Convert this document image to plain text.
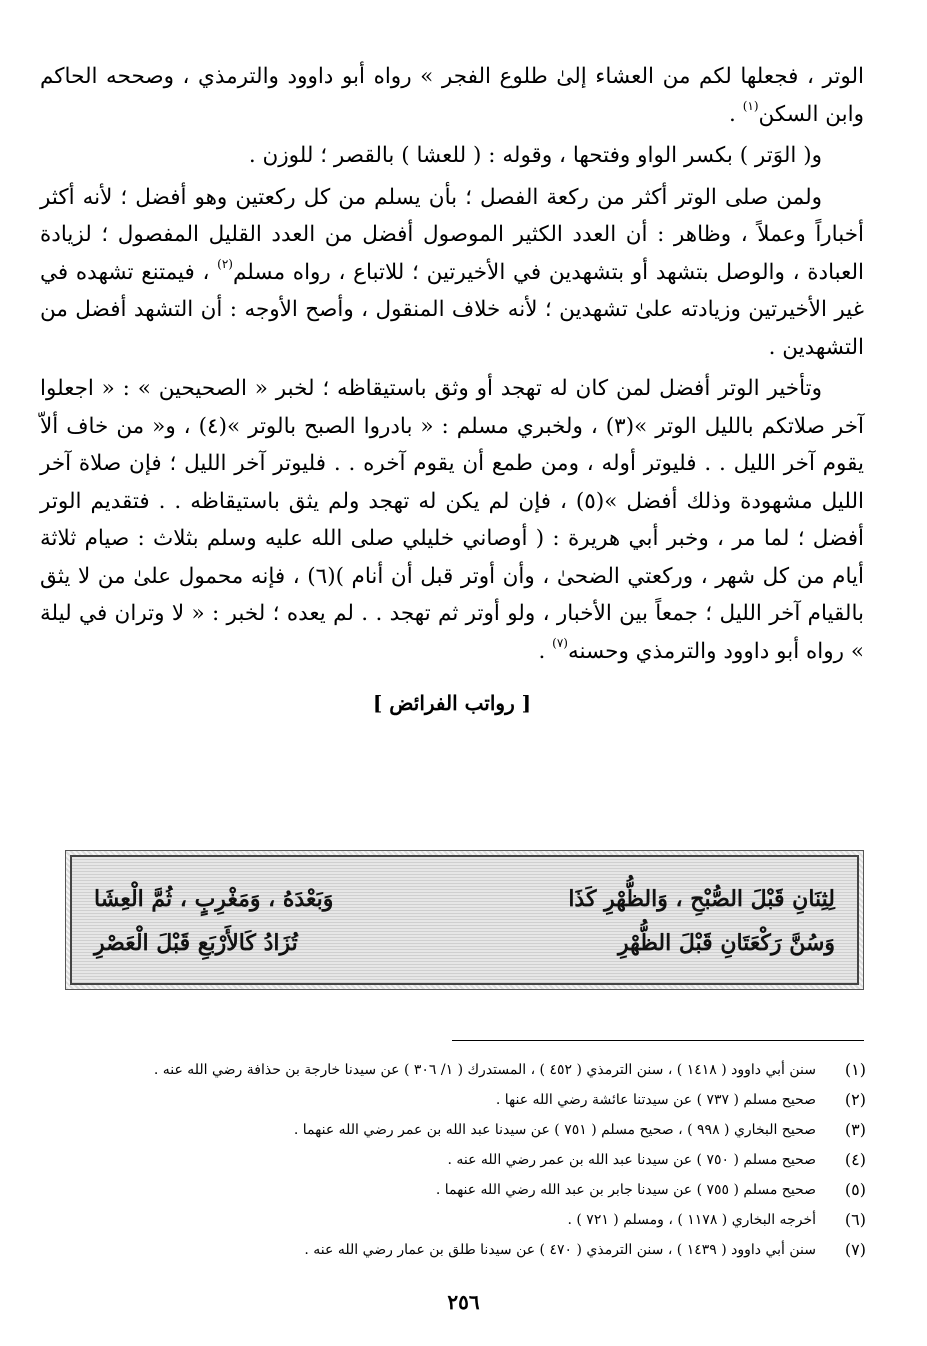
الوتر ، فجعلها لكم من العشاء إلىٰ طلوع الفجر » رواه أبو داوود والترمذي ، وصححه الحاكم وابن السكن$^{(١)}$ .

و( الوَتر ) بكسر الواو وفتحها ، وقوله : ( للعشا ) بالقصر ؛ للوزن .

ولمن صلى الوتر أكثر من ركعة الفصل ؛ بأن يسلم من كل ركعتين وهو أفضل ؛ لأنه أكثر أخباراً وعملاً ، وظاهر : أن العدد الكثير الموصول أفضل من العدد القليل المفصول ؛ لزيادة العبادة ، والوصل بتشهد أو بتشهدين في الأخيرتين ؛ للاتباع ، رواه مسلم$^{(٢)}$ ، فيمتنع تشهده في غير الأخيرتين وزيادته علىٰ تشهدين ؛ لأنه خلاف المنقول ، وأصح الأوجه : أن التشهد أفضل من التشهدين .

وتأخير الوتر أفضل لمن كان له تهجد أو وثق باستيقاظه ؛ لخبر « الصحيحين » : « اجعلوا آخر صلاتكم بالليل الوتر »(٣) ، ولخبري مسلم : « بادروا الصبح بالوتر »(٤) ، و« من خاف ألاّ يقوم آخر الليل . . فليوتر أوله ، ومن طمع أن يقوم آخره . . فليوتر آخر الليل ؛ فإن صلاة آخر الليل مشهودة وذلك أفضل »(٥) ، فإن لم يكن له تهجد ولم يثق باستيقاظه . . فتقديم الوتر أفضل ؛ لما مر ، وخبر أبي هريرة : ( أوصاني خليلي صلى الله عليه وسلم بثلاث : صيام ثلاثة أيام من كل شهر ، وركعتي الضحىٰ ، وأن أوتر قبل أن أنام )(٦) ، فإنه محمول علىٰ من لا يثق بالقيام آخر الليل ؛ جمعاً بين الأخبار ، ولو أوتر ثم تهجد . . لم يعده ؛ لخبر : « لا وتران في ليلة » رواه أبو داوود والترمذي وحسنه$^{(٧)}$ .

[ رواتب الفرائض ]
لِثِنَانِ قَبْلَ الصُّبْحِ ، وَالظُّهْرِ كَذَا
وَبَعْدَهُ ، وَمَغْرِبٍ ، ثُمَّ الْعِشَا
وَسُنَّ رَكْعَتَانِ قَبْلَ الظُّهْرِ
تُزَادُ كَالأَرْبَعِ قَبْلَ الْعَصْرِ
(١)
سنن أبي داوود ( ١٤١٨ ) ، سنن الترمذي ( ٤٥٢ ) ، المستدرك ( ١/ ٣٠٦ ) عن سيدنا خارجة بن حذافة رضي الله عنه .
(٢)
صحيح مسلم ( ٧٣٧ ) عن سيدتنا عائشة رضي الله عنها .
(٣)
صحيح البخاري ( ٩٩٨ ) ، صحيح مسلم ( ٧٥١ ) عن سيدنا عبد الله بن عمر رضي الله عنهما .
(٤)
صحيح مسلم ( ٧٥٠ ) عن سيدنا عبد الله بن عمر رضي الله عنه .
(٥)
صحيح مسلم ( ٧٥٥ ) عن سيدنا جابر بن عبد الله رضي الله عنهما .
(٦)
أخرجه البخاري ( ١١٧٨ ) ، ومسلم ( ٧٢١ ) .
(٧)
سنن أبي داوود ( ١٤٣٩ ) ، سنن الترمذي ( ٤٧٠ ) عن سيدنا طلق بن عمار رضي الله عنه .
٢٥٦
